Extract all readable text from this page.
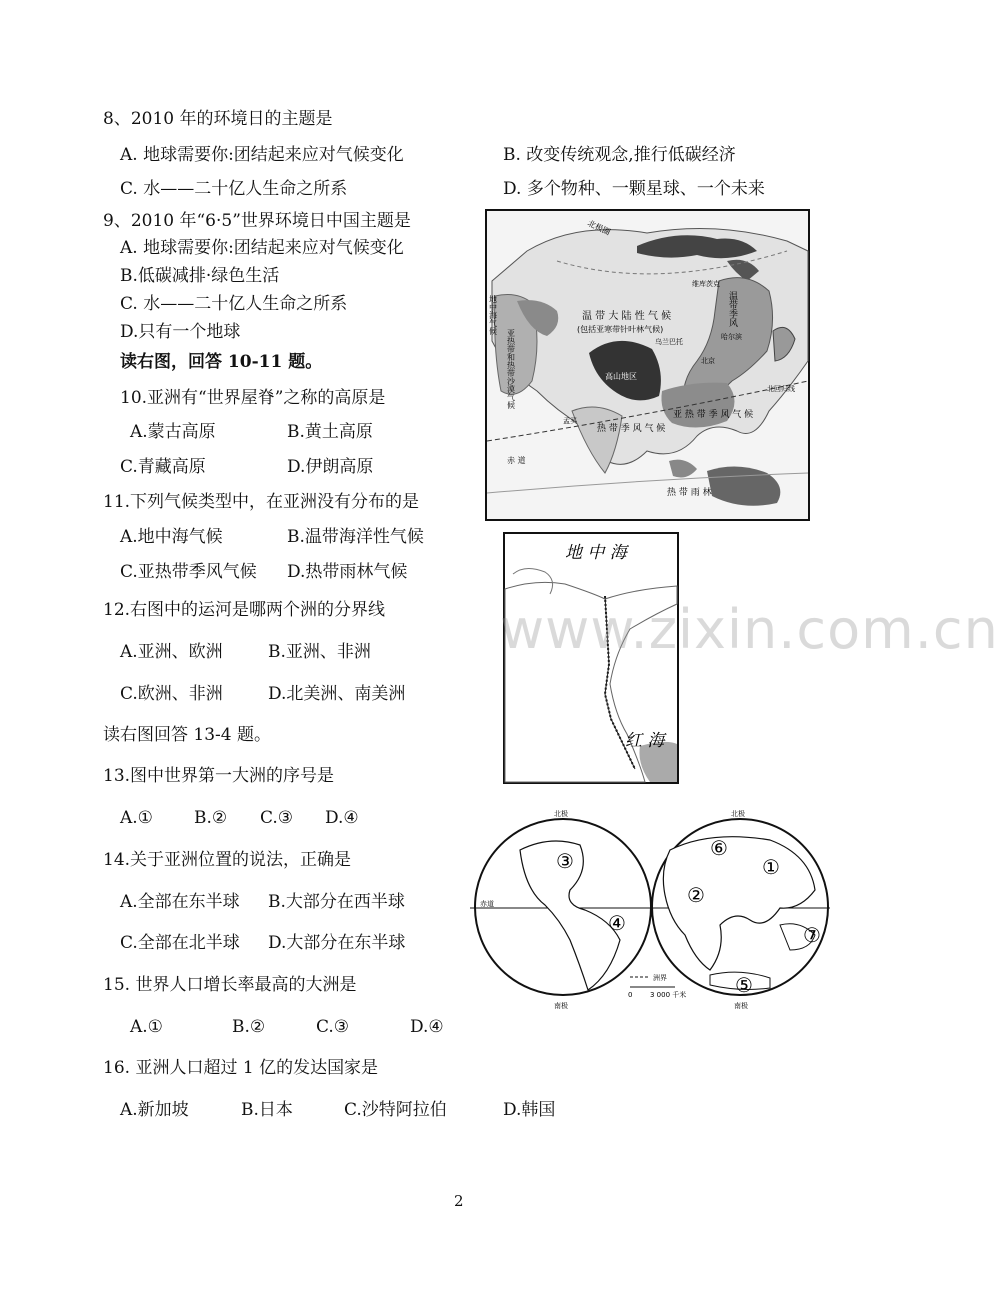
8、2010 年的环境日的主题是
A. 地球需要你:团结起来应对气候变化	B. 改变传统观念,推行低碳经济
C. 水——二十亿人生命之所系	D. 多个物种、一颗星球、一个未来
9、2010 年“6·5”世界环境日中国主题是
A. 地球需要你:团结起来应对气候变化
B.低碳减排·绿色生活
C. 水——二十亿人生命之所系
D.只有一个地球
读右图，回答 10-11 题。
10.亚洲有“世界屋脊”之称的高原是
A.蒙古高原	B.黄土高原
C.青藏高原	D.伊朗高原
11.下列气候类型中，在亚洲没有分布的是
A.地中海气候	B.温带海洋性气候
C.亚热带季风气候 D.热带雨林气候
12.右图中的运河是哪两个洲的分界线
A.亚洲、欧洲	B.亚洲、非洲
C.欧洲、非洲	D.北美洲、南美洲
读右图回答 13-4 题。
13.图中世界第一大洲的序号是
A.① B.② C.③ D.④
14.关于亚洲位置的说法，正确是
A.全部在东半球 B.大部分在西半球
C.全部在北半球 D.大部分在东半球
15. 世界人口增长率最高的大洲是
A.①	B.②	C.③	D.④
16. 亚洲人口超过 1 亿的发达国家是
A.新加坡	B.日本	C.沙特阿拉伯	D.韩国
北极圈
维库茨克
地中海气候
亚热带和热带沙漠气候
温 带 大 陆 性 气 候
(包括亚寒带针叶林气候)
乌兰巴托
高山地区
北京
哈尔滨
温带季风
亚 热 带 季 风 气 候
热 带 季 风 气 候
北回归线
赤 道
热 带 雨 林
孟买
地 中 海
红 海
北极	北极
南极	南极
赤道
①
②
③
④
⑤
⑥
⑦
洲界
0	3 000 千米
www.zixin.com.cn
2
